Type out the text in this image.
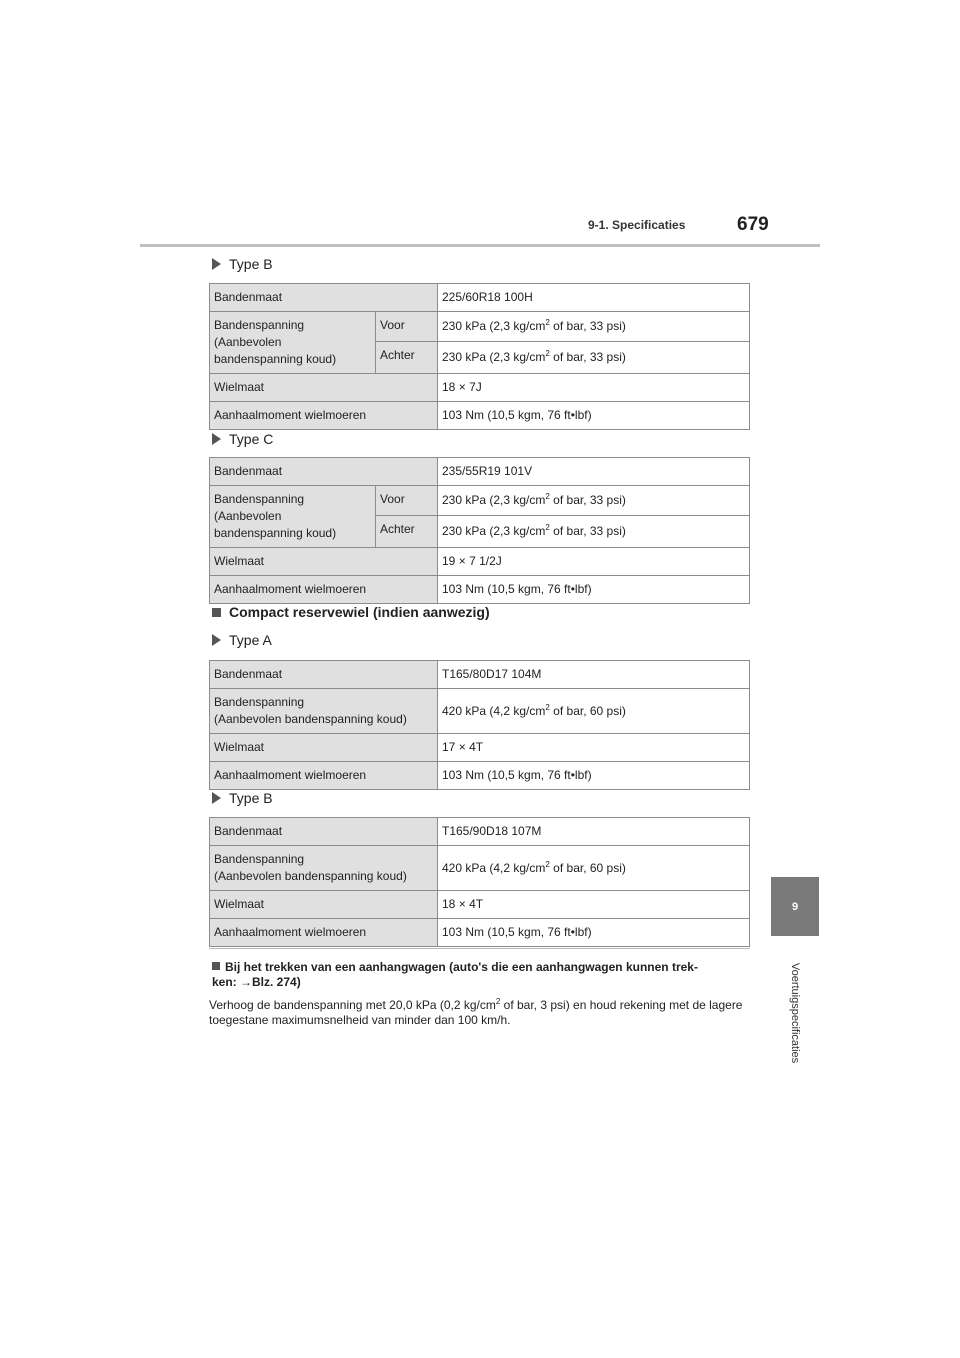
9-1. Specificaties	679
9
Voertuigspecificaties
Type B
Bandenmaat		225/60R18 100H
Bandenspanning
(Aanbevolen
bandenspanning koud)	Voor	230 kPa (2,3 $kg/cm^2$ of bar, 33 psi)
	Achter	230 kPa (2,3 $kg/cm^2$ of bar, 33 psi)
Wielmaat		18 × 7J
Aanhaalmoment wielmoeren		103 Nm (10,5 kgm, 76 ft•lbf)
Type C
Bandenmaat		235/55R19 101V
Bandenspanning
(Aanbevolen
bandenspanning koud)	Voor	230 kPa (2,3 $kg/cm^2$ of bar, 33 psi)
	Achter	230 kPa (2,3 $kg/cm^2$ of bar, 33 psi)
Wielmaat		19 × 7 1/2J
Aanhaalmoment wielmoeren		103 Nm (10,5 kgm, 76 ft•lbf)
Compact reservewiel (indien aanwezig)
Type A
Bandenmaat	T165/80D17 104M
Bandenspanning
(Aanbevolen bandenspanning koud)	420 kPa (4,2 $kg/cm^2$ of bar, 60 psi)
Wielmaat	17 × 4T
Aanhaalmoment wielmoeren	103 Nm (10,5 kgm, 76 ft•lbf)
Type B
Bandenmaat	T165/90D18 107M
Bandenspanning
(Aanbevolen bandenspanning koud)	420 kPa (4,2 $kg/cm^2$ of bar, 60 psi)
Wielmaat	18 × 4T
Aanhaalmoment wielmoeren	103 Nm (10,5 kgm, 76 ft•lbf)
Bij het trekken van een aanhangwagen (auto's die een aanhangwagen kunnen trek-
ken: →Blz. 274)
Verhoog de bandenspanning met 20,0 kPa (0,2 $kg/cm^2$ of bar, 3 psi) en houd rekening met de lagere toegestane maximumsnelheid van minder dan 100 km/h.
